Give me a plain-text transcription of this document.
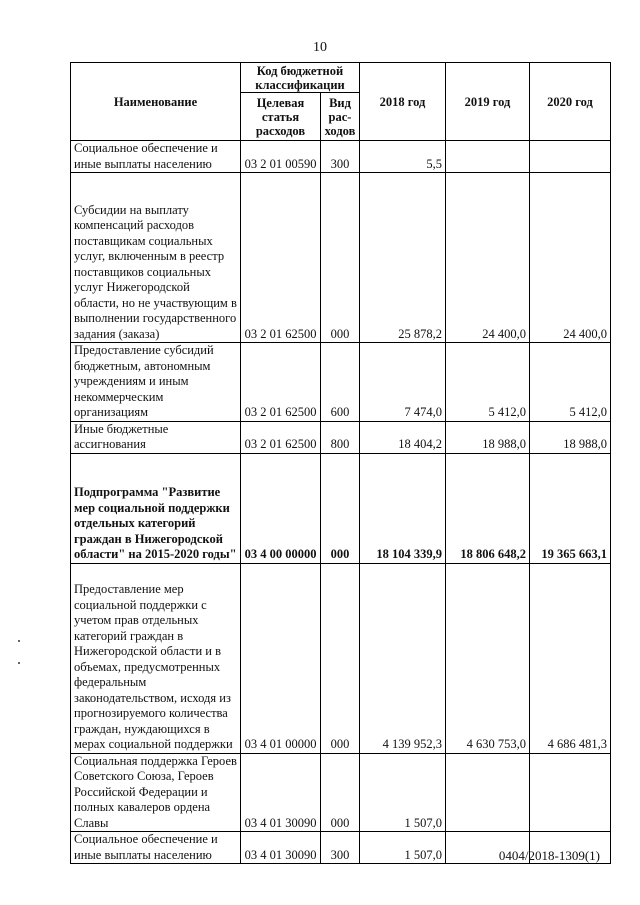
10
Наименование	Код бюджетной классификации		2018 год	2019 год	2020 год
	Целевая статья расходов	Вид рас-ходов			
Социальное обеспечение и иные выплаты населению	03 2 01 00590	300	5,5		
Субсидии на выплату компенсаций расходов поставщикам социальных услуг, включенным в реестр поставщиков социальных услуг Нижегородской области, но не участвующим в выполнении государственного задания (заказа)	03 2 01 62500	000	25 878,2	24 400,0	24 400,0
Предоставление субсидий бюджетным, автономным учреждениям и иным некоммерческим организациям	03 2 01 62500	600	7 474,0	5 412,0	5 412,0
Иные бюджетные ассигнования	03 2 01 62500	800	18 404,2	18 988,0	18 988,0
Подпрограмма "Развитие мер социальной поддержки отдельных категорий граждан в Нижегородской области" на 2015-2020 годы"	03 4 00 00000	000	18 104 339,9	18 806 648,2	19 365 663,1
Предоставление мер социальной поддержки с учетом прав отдельных категорий граждан в Нижегородской области и в объемах, предусмотренных федеральным законодательством, исходя из прогнозируемого количества граждан, нуждающихся в мерах социальной поддержки	03 4 01 00000	000	4 139 952,3	4 630 753,0	4 686 481,3
Социальная поддержка Героев Советского Союза, Героев Российской Федерации и полных кавалеров ордена Славы	03 4 01 30090	000	1 507,0		
Социальное обеспечение и иные выплаты населению	03 4 01 30090	300	1 507,0			0404/2018-1309(1)
